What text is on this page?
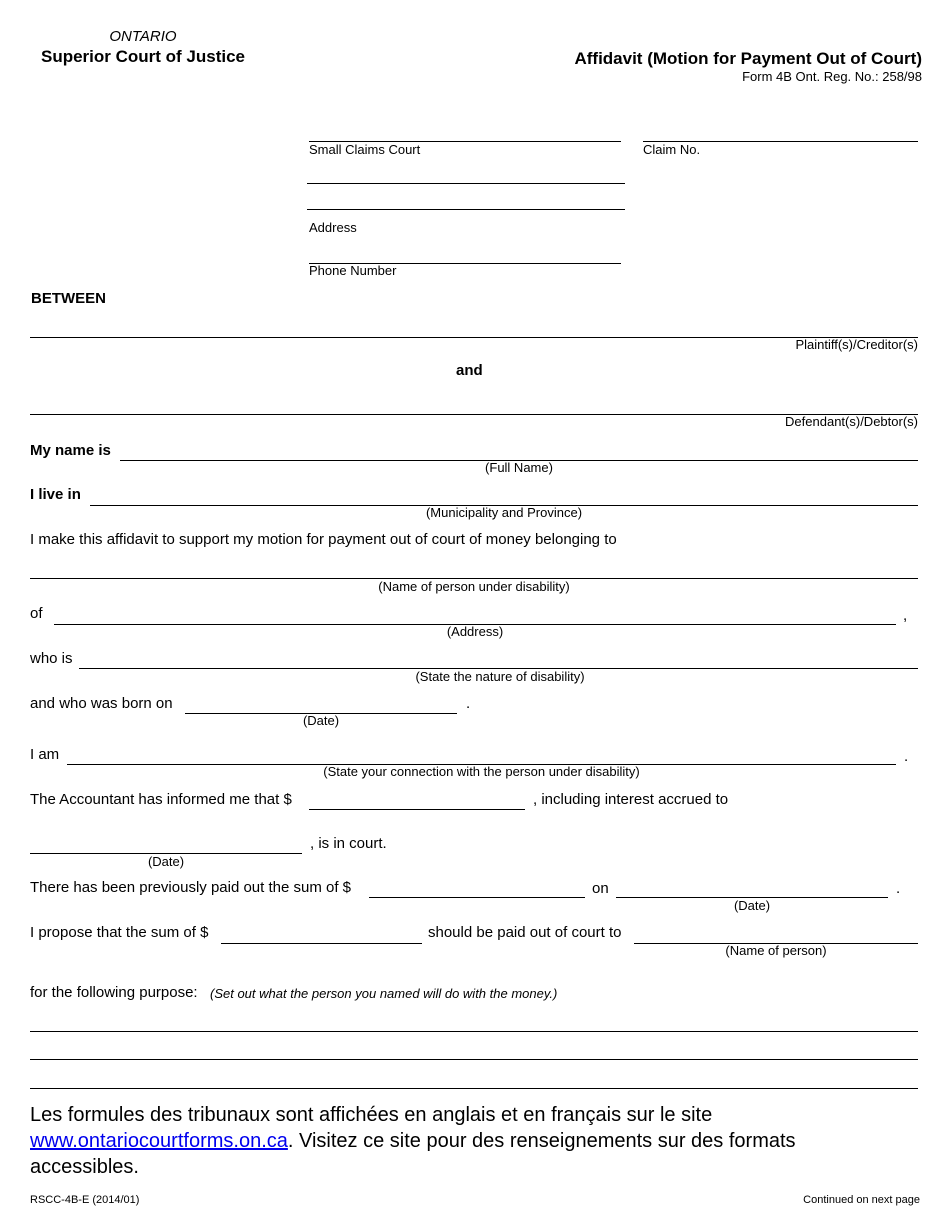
ONTARIO
Superior Court of Justice	Affidavit (Motion for Payment Out of Court)
Form 4B Ont. Reg. No.: 258/98
Small Claims Court	Claim No.
Address
Phone Number
BETWEEN
Plaintiff(s)/Creditor(s)
and
Defendant(s)/Debtor(s)
My name is
(Full Name)
I live in
(Municipality and Province)
I make this affidavit to support my motion for payment out of court of money belonging to
(Name of person under disability)
of	,
(Address)
who is
(State the nature of disability)
and who was born on	.
(Date)
I am	.
(State your connection with the person under disability)
The Accountant has informed me that $	, including interest accrued to
, is in court.
(Date)
There has been previously paid out the sum of $	on	.
(Date)
I propose that the sum of $	should be paid out of court to
(Name of person)
for the following purpose: (Set out what the person you named will do with the money.)
Les formules des tribunaux sont affichées en anglais et en français sur le site
www.ontariocourtforms.on.ca. Visitez ce site pour des renseignements sur des formats accessibles.
RSCC-4B-E (2014/01)	Continued on next page
